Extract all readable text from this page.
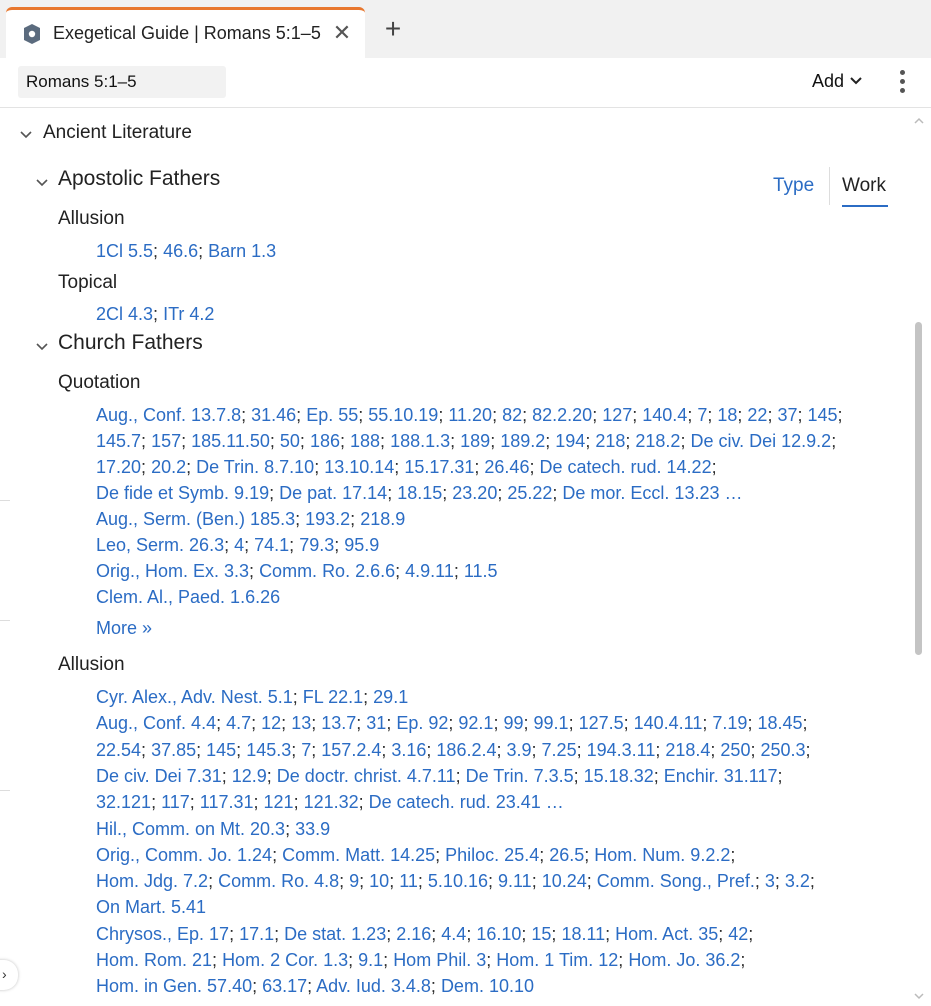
Exegetical Guide | Romans 5:1–5 ✕ +
Romans 5:1–5
Add
Ancient Literature
Apostolic Fathers	Type Work
Allusion
1Cl 5.5; 46.6; Barn 1.3
Topical
2Cl 4.3; ITr 4.2
Church Fathers
Quotation
Aug., Conf. 13.7.8; 31.46; Ep. 55; 55.10.19; 11.20; 82; 82.2.20; 127; 140.4; 7; 18; 22; 37; 145;
145.7; 157; 185.11.50; 50; 186; 188; 188.1.3; 189; 189.2; 194; 218; 218.2; De civ. Dei 12.9.2;
17.20; 20.2; De Trin. 8.7.10; 13.10.14; 15.17.31; 26.46; De catech. rud. 14.22;
De fide et Symb. 9.19; De pat. 17.14; 18.15; 23.20; 25.22; De mor. Eccl. 13.23 …
Aug., Serm. (Ben.) 185.3; 193.2; 218.9
Leo, Serm. 26.3; 4; 74.1; 79.3; 95.9
Orig., Hom. Ex. 3.3; Comm. Ro. 2.6.6; 4.9.11; 11.5
Clem. Al., Paed. 1.6.26
More »
Allusion
Cyr. Alex., Adv. Nest. 5.1; FL 22.1; 29.1
Aug., Conf. 4.4; 4.7; 12; 13; 13.7; 31; Ep. 92; 92.1; 99; 99.1; 127.5; 140.4.11; 7.19; 18.45;
22.54; 37.85; 145; 145.3; 7; 157.2.4; 3.16; 186.2.4; 3.9; 7.25; 194.3.11; 218.4; 250; 250.3;
De civ. Dei 7.31; 12.9; De doctr. christ. 4.7.11; De Trin. 7.3.5; 15.18.32; Enchir. 31.117;
32.121; 117; 117.31; 121; 121.32; De catech. rud. 23.41 …
Hil., Comm. on Mt. 20.3; 33.9
Orig., Comm. Jo. 1.24; Comm. Matt. 14.25; Philoc. 25.4; 26.5; Hom. Num. 9.2.2;
Hom. Jdg. 7.2; Comm. Ro. 4.8; 9; 10; 11; 5.10.16; 9.11; 10.24; Comm. Song., Pref.; 3; 3.2;
On Mart. 5.41
Chrysos., Ep. 17; 17.1; De stat. 1.23; 2.16; 4.4; 16.10; 15; 18.11; Hom. Act. 35; 42;
Hom. Rom. 21; Hom. 2 Cor. 1.3; 9.1; Hom Phil. 3; Hom. 1 Tim. 12; Hom. Jo. 36.2;
Hom. in Gen. 57.40; 63.17; Adv. Iud. 3.4.8; Dem. 10.10
›
